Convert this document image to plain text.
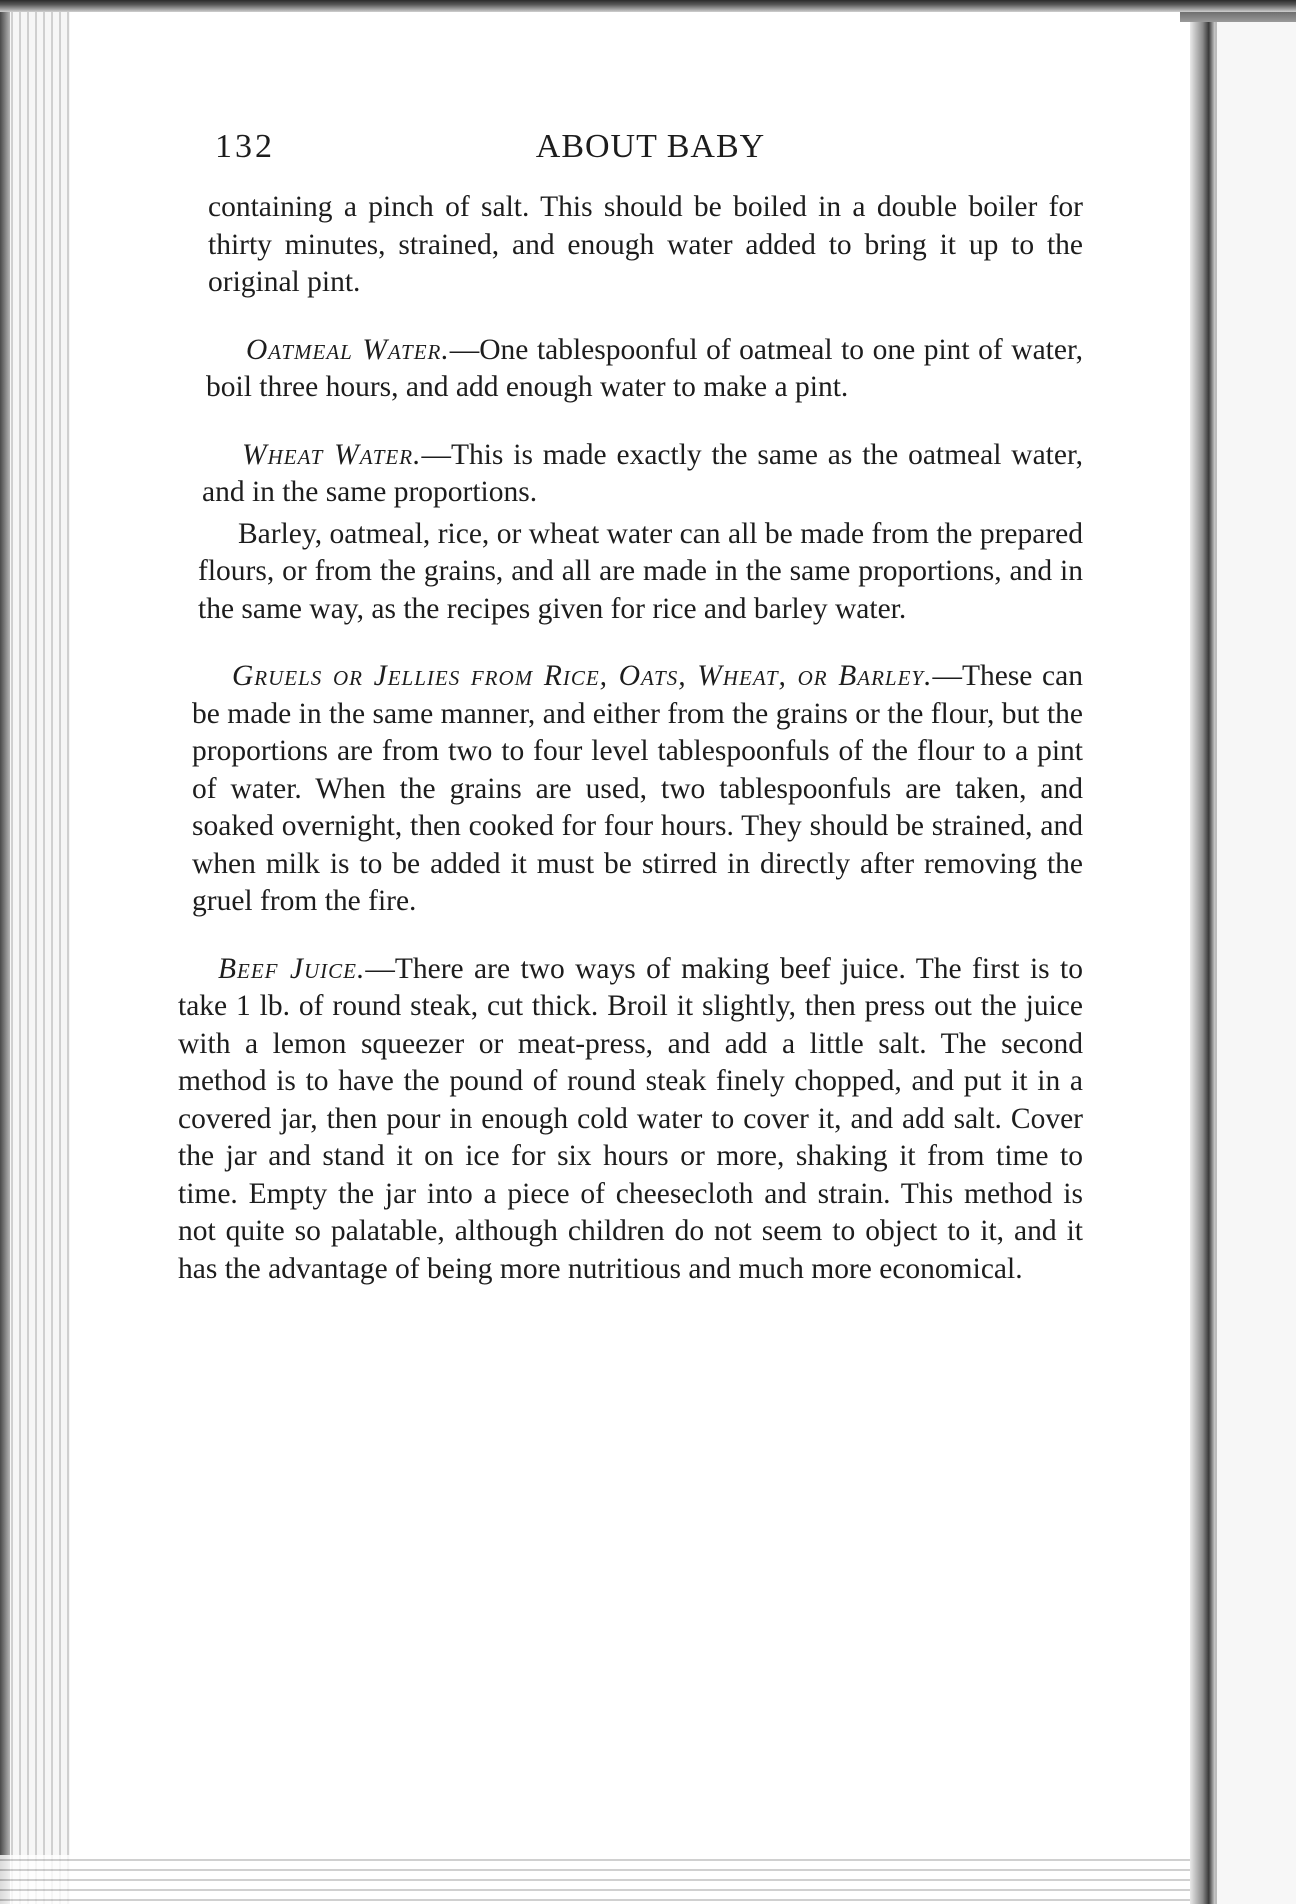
132	ABOUT BABY

containing a pinch of salt. This should be boiled in a double boiler for thirty minutes, strained, and enough water added to bring it up to the original pint.

Oatmeal Water.—One tablespoonful of oatmeal to one pint of water, boil three hours, and add enough water to make a pint.

Wheat Water.—This is made exactly the same as the oatmeal water, and in the same proportions.

Barley, oatmeal, rice, or wheat water can all be made from the prepared flours, or from the grains, and all are made in the same proportions, and in the same way, as the recipes given for rice and barley water.

Gruels or Jellies from Rice, Oats, Wheat, or Barley.—These can be made in the same manner, and either from the grains or the flour, but the proportions are from two to four level tablespoonfuls of the flour to a pint of water. When the grains are used, two tablespoonfuls are taken, and soaked overnight, then cooked for four hours. They should be strained, and when milk is to be added it must be stirred in directly after removing the gruel from the fire.

Beef Juice.—There are two ways of making beef juice. The first is to take 1 lb. of round steak, cut thick. Broil it slightly, then press out the juice with a lemon squeezer or meat-press, and add a little salt. The second method is to have the pound of round steak finely chopped, and put it in a covered jar, then pour in enough cold water to cover it, and add salt. Cover the jar and stand it on ice for six hours or more, shaking it from time to time. Empty the jar into a piece of cheesecloth and strain. This method is not quite so palatable, although children do not seem to object to it, and it has the advantage of being more nutritious and much more economical.
